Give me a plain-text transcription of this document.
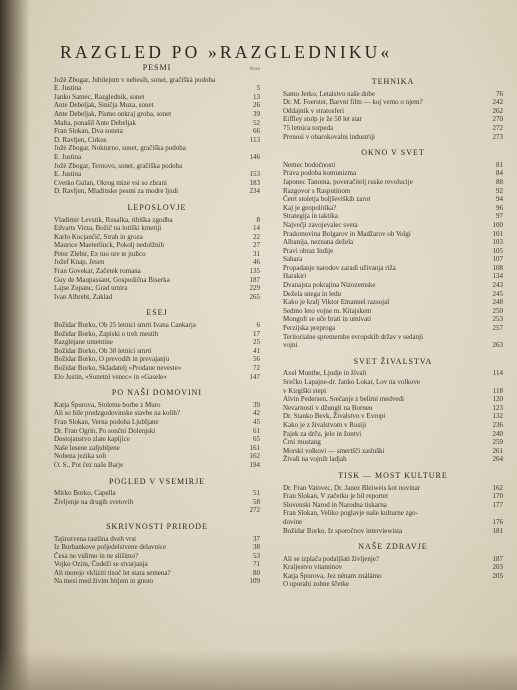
RAZGLED PO »RAZGLEDNIKU«
PESMI	Stran
Jožè Zbogar, Jubilejum v nebesih, sonet, gračiškà podoba
E. Justina	5
Janko Samec, Razglednik, sonet	13
Ante Debeljak, Siničja Muza, sonet	26
Ante Debeljak, Pismo onkraj groba, sonet	39
Malta, ponašil Ante Debeljak	52
Fran Slokan, Dva soneta	66
D. Ravljen, Cirkus	113
Jožè Zbogar, Nokturno, sonet, gračiška podoba
E. Justina	146
Jožè Zbogar, Ternovo, sonet, gračiška podoba
E. Justina	153
Cvetko Gulan, Okrog mize vsi so zbrani	183
D. Ravljen, Mladinske pesmi za modre ljudi	234
LEPOSLOVJE
Vladimir Levstik, Rusalka, ribiška zgodba	8
Edvarts Virza, Božič na lotiški kmetiji	14
Karlo Kocjančič, Strah in groza	22
Maurice Maeterlinck, Pokolj nedolžnih	27
Peter Zlebir, Ex tuo ore te judico	31
Jožef Knap, Jesen	46
Fran Govekar, Začetek romana	135
Guy de Maupassant, Gospodična Biserka	187
Lajse Zupanc, Grad umira	229
Ivan Albreht, Zaklad	265
ESEJ
Božidar Borko, Ob 25 letnici smrti Ivana Cankarja	6
Božidar Borko, Zapiski o treh mestih	17
Razglejane umetnine	25
Božidar Borko, Ob 30 letnici smrti	41
Božidar Borko, O prevodih in prevajanju	56
Božidar Borko, Skladatelj »Prodane neveste«	72
Elo Justin, »Sonetni venec« in »Gasele«	147
PO NAŠI DOMOVINI
Katja Špurova, Stoletne borbe z Muro	39
Ali so bile predzgodovinske stavbe na kolih?	42
Fran Slokan, Verna podoba Ljubljane	45
Dr. Fran Ogrin, Po sončni Dolenjski	61
Dostojanstvo zlate kapljice	65
Naše lesene zaljubljene	161
Nobena jezika soli	162
O. S., Pot čez naše Barje	194
POGLED V VSEMIRJE
Mirko Borko, Capella	51
Življenje na drugih svetovih	58
272
SKRIVNOSTI PRIRODE
Tajinstvena rastlina dveh vrst	37
Iz Burbankove poljedelstvene delavnice	38
Česa ne vidimo in ne slišimo?	53
Vojko Ozim, Čudeži se stvarjanja	71
Ali morejo vkliziti tisoč let stara semena?	80
Na mesi med živim bitjem in gnoto	109
TEHNIKA
Samo Jerko, Letalstvo naše dobe	76
Dr. M. Foerster, Barvni film — koj vemo o njem?	242
Oddajnik v stratosferi	262
Eiffley stolp je že 50 let star	270
75 letnica torpeda	272
Prenosi v obarokovalni industriji	273
OKNO V SVET
Nemec bodočnosti	81
Prava podoba komunizma	84
Japonec Tanoma, poveračitelj ruske revolucije	88
Razgovor s Rasputinom	92
Četrt stoletja boljševiških zarot	94
Kaj je geopolitika?	96
Strategija in taktika	97
Največji zavojevalec sveta	100
Pradomovina Bolgarov in Madžarov ob Volgi	101
Albanija, neznana dežela	103
Pravi obraz Indije	105
Sahara	107
Propadanje narodov zaradi uživanja riža	108
Harakiri	134
Dvanajsta pokrajina Nizozemske	243
Dežela snega in ledu	245
Kako je kralj Viktor Emanuel razsojal	248
Sedmo leto vojne m. Kitajskem	250
Mongoli se uče brati in umivati	253
Perzijska preproga	257
Teritorialne spremembe evropskih držav v sedanji
vojni	263
SVET ŽIVALSTVA
Axel Munthe, Ljudje in živali	114
Srečko Lapajne-dr. Janko Lokar, Lov na volkove
v Kirgiški stepi	118
Alvin Pedersen, Srečanje z belimi medvedi	120
Nevarnosti v džungli na Borneu	123
Dr. Stanko Bevk, Živalstvo v Evropi	132
Kako je z živalstvom v Rusiji	236
Pajek za drču, jelo in žontvi	240
Črni mustang	259
Morski volkovi — smertšči zasluški	261
Živali na vojnih ladjah	264
TISK — MOST KULTURE
Dr. Fran Vatovec, Dr. Janez Bleiweis kot novinar	162
Fran Slokan, V začetku je bil reporter	170
Slovenski Narod in Narodna tiskarna	177
Fran Slokan, Veliko poglavje naše kulturne zgo-
dovine	176
Božidar Borko, Iz sporočnov interviewista	181
NAŠE ZDRAVJE
Ali se izplača podaljšati življenje?	187
Kraljestvo vitaminov	203
Katja Špurova, Jez nénam ználámo	205
O uporabi zobne ščetke
